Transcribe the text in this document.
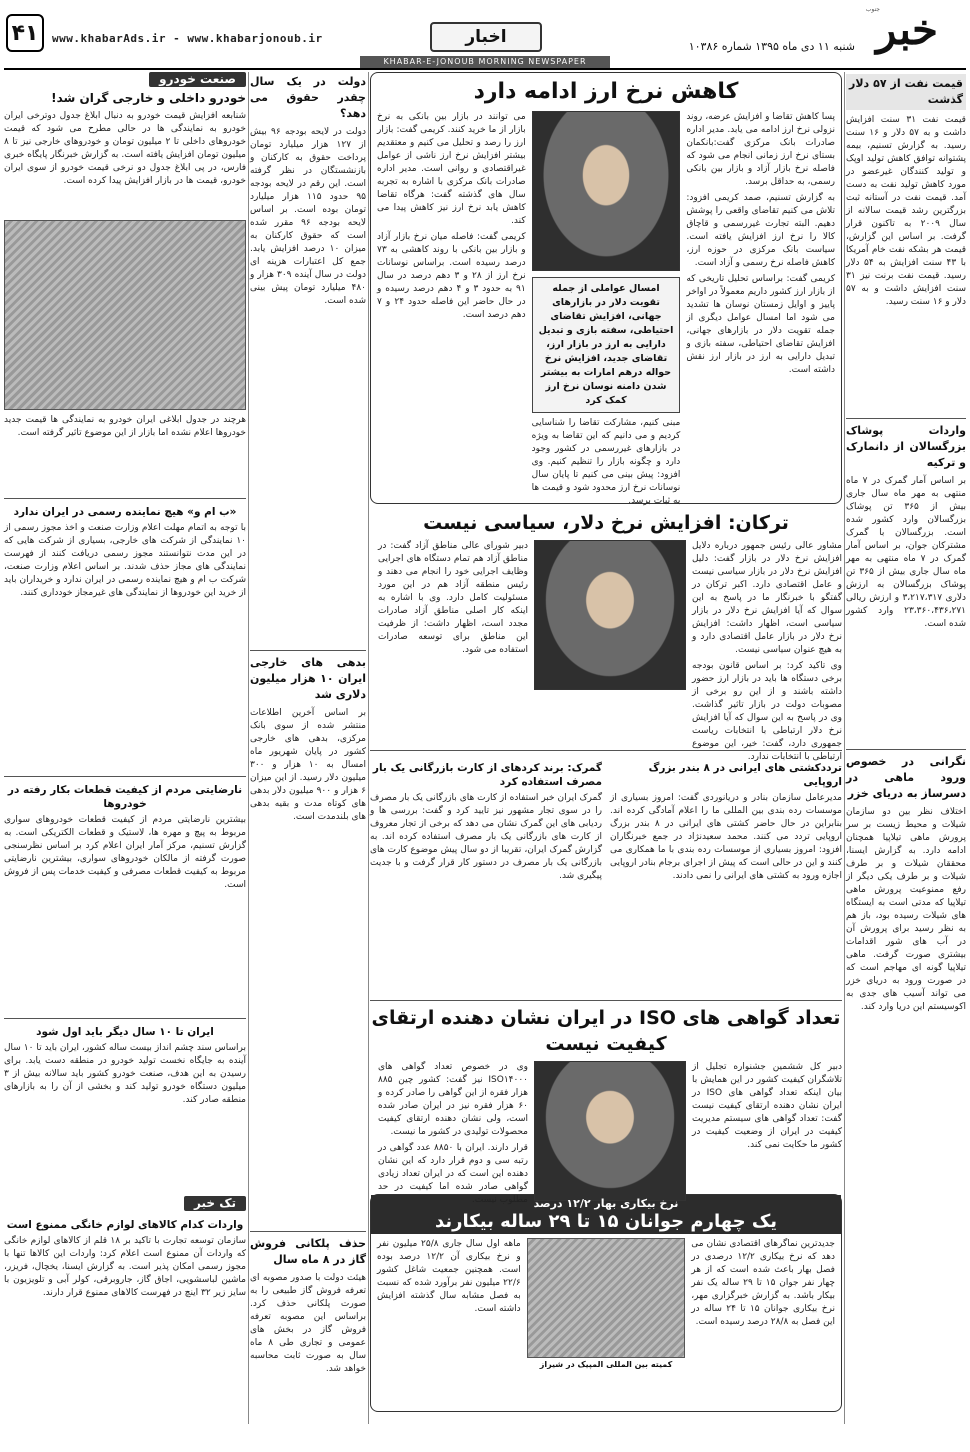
۴۱	www.khabarAds.ir - www.khabarjonoub.ir	اخبار	شنبه ۱۱ دی ماه ۱۳۹۵ شماره ۱۰۳۸۶ خبر
جنوب
KHABAR-E-JONOUB MORNING NEWSPAPER
قیمت نفت از ۵۷ دلار گذشت

قیمت نفت ۳۱ سنت افزایش داشت و به ۵۷ دلار و ۱۶ سنت رسید. به گزارش تسنیم، بیمه پشتوانه توافق کاهش تولید اوپک و تولید کنندگان غیرعضو در مورد کاهش تولید نفت به دست آمد. قیمت نفت در آستانه ثبت بزرگترین رشد قیمت سالانه از سال ۲۰۰۹ به تاکنون قرار گرفت. بر اساس این گزارش، قیمت هر بشکه نفت خام آمریکا با ۴۳ سنت افزایش به ۵۴ دلار رسید. قیمت نفت برنت نیز ۳۱ سنت افزایش داشت و به ۵۷ دلار و ۱۶ سنت رسید.

واردات پوشاک بزرگسالان از دانمارک و ترکیه

بر اساس آمار گمرک در ۷ ماه منتهی به مهر ماه سال جاری بیش از ۳۶۵ تن پوشاک بزرگسالان وارد کشور شده است. بزرگسالان با گمرک مشترکان جوان، بر اساس آمار گمرک در ۷ ماه منتهی به مهر ماه سال جاری بیش از ۳۶۵ تن پوشاک بزرگسالان به ارزش دلاری ۳،۲۱۷،۳۱۷ و ارزش ریالی ۲۳،۳۶۰،۴۳۶،۲۷۱ وارد کشور شده است.

نگرانی در خصوص ورود ماهی در دسرساز به دریای خزر

اختلاف نظر بین دو سازمان شیلات و محیط زیست بر سر پرورش ماهی تیلاپیا همچنان ادامه دارد. به گزارش ایسنا، محققان شیلات و بر طرف شیلات و بر طرف یکی دیگر از رفع ممنوعیت پرورش ماهی تیلاپیا که مدتی است به ایستگاه های شیلات رسیده بود، باز هم به نظر رسید برای پرورش آن در آب های شور اقدامات بیشتری صورت گرفت. ماهی تیلاپیا گونه ای مهاجم است که در صورت ورود به دریای خزر می تواند آسیب های جدی به اکوسیستم این دریا وارد کند.

کاهش نرخ ارز ادامه دارد

پسا کاهش تقاضا و افزایش عرضه، روند نزولی نرخ ارز ادامه می یابد. مدیر اداره صادرات بانک مرکزی گفت:بانکمان بستای نرخ ارز زمانی انجام می شود که فاصله نرخ بازار آزاد و بازار بین بانکی رسمی، به حداقل برسد.

به گزارش تسنیم، صمد کریمی افزود: تلاش می کنیم تقاضای واقعی را پوشش دهیم. البته تجارت غیررسمی و قاچاق کالا را نرخ ارز افزایش یافته است. سیاست بانک مرکزی در حوزه ارز، کاهش فاصله نرخ رسمی و آزاد است.

کریمی گفت: براساس تحلیل تاریخی که از بازار ارز کشور داریم معمولاً در اواخر پاییز و اوایل زمستان نوسان ها تشدید می شود اما امسال عوامل دیگری از جمله تقویت دلار در بازارهای جهانی، افزایش تقاضای احتیاطی، سفته بازی و تبدیل دارایی به ارز در بازار ارز نقش داشته است.

امسال عواملی از جمله تقویت دلار در بازارهای جهانی، افزایش تقاضای احتیاطی، سفته بازی و تبدیل دارایی به ارز در بازار ارز، تقاضای جدید، افزایش نرخ حواله درهم امارات به بیشتر شدن دامنه نوسان نرخ ارز کمک کرد

مبنی کنیم، مشارکت تقاضا را شناسایی کردیم و می دانیم که این تقاضا به ویژه در بازارهای غیررسمی در کشور وجود دارد و چگونه بازار را تنظیم کنیم. وی افزود: پیش بینی می کنیم تا پایان سال نوسانات نرخ ارز محدود شود و قیمت ها به ثبات برسد.

می توانند در بازار بین بانکی به نرخ بازار از ما خرید کنند. کریمی گفت: بازار ارز را رصد و تحلیل می کنیم و معتقدیم بیشتر افزایش نرخ ارز ناشی از عوامل غیراقتصادی و روانی است. مدیر اداره صادرات بانک مرکزی با اشاره به تجربه سال های گذشته گفت: هرگاه تقاضا کاهش یابد نرخ ارز نیز کاهش پیدا می کند.

کریمی گفت: فاصله میان نرخ بازار آزاد و بازار بین بانکی با روند کاهشی به ۷۳ درصد رسیده است. براساس نوسانات نرخ ارز از ۲۸ و ۳ دهم درصد در سال ۹۱ به حدود ۳ و ۴ دهم درصد رسیده و در حال حاضر این فاصله حدود ۲۴ و ۷ دهم درصد است.

ترکان: افزایش نرخ دلار، سیاسی نیست

مشاور عالی رئیس جمهور درباره دلایل افزایش نرخ دلار در بازار گفت: دلیل افزایش نرخ دلار در بازار سیاسی نیست و عامل اقتصادی دارد. اکبر ترکان در گفتگو با خبرنگار ما در پاسخ به این سوال که آیا افزایش نرخ دلار در بازار سیاسی است، اظهار داشت: افزایش نرخ دلار در بازار عامل اقتصادی دارد و به هیچ عنوان سیاسی نیست.

وی تاکید کرد: بر اساس قانون بودجه برخی دستگاه ها باید در بازار ارز حضور داشته باشند و از این رو برخی از مصوبات دولت در بازار تاثیر گذاشت. وی در پاسخ به این سوال که آیا افزایش نرخ دلار ارتباطی با انتخابات ریاست جمهوری دارد، گفت: خیر، این موضوع ارتباطی با انتخابات ندارد.

دبیر شورای عالی مناطق آزاد گفت: در مناطق آزاد هم تمام دستگاه های اجرایی وظایف اجرایی خود را انجام می دهند و رئیس منطقه آزاد هم در این مورد مسئولیت کامل دارد. وی با اشاره به اینکه کار اصلی مناطق آزاد صادرات مجدد است، اظهار داشت: از ظرفیت این مناطق برای توسعه صادرات استفاده می شود.

ترددکشتی های ایرانی در ۸ بندر بزرگ اروپایی

مدیرعامل سازمان بنادر و دریانوردی گفت: امروز بسیاری از موسسات رده بندی بین المللی ما را اعلام آمادگی کرده اند. بنابراین در حال حاضر کشتی های ایرانی در ۸ بندر بزرگ اروپایی تردد می کنند. محمد سعیدنژاد در جمع خبرنگاران افزود: امروز بسیاری از موسسات رده بندی با ما همکاری می کنند و این در حالی است که پیش از اجرای برجام بنادر اروپایی اجازه ورود به کشتی های ایرانی را نمی دادند.

گمرک: برند کردهای از کارت بازرگانی یک بار مصرف استفاده کرد

گمرک ایران خبر استفاده از کارت های بازرگانی یک بار مصرف را در سوی تجار مشهور نیز تایید کرد و گفت: بررسی ها و ردیابی های این گمرک نشان می دهد که برخی از تجار معروف از کارت های بازرگانی یک بار مصرف استفاده کرده اند. به گزارش گمرک ایران، تقریبا از دو سال پیش موضوع کارت های بازرگانی یک بار مصرف در دستور کار قرار گرفت و با جدیت پیگیری شد.

تعداد گواهی های ISO در ایران نشان دهنده ارتقای کیفیت نیست

دبیر کل ششمین جشنواره تجلیل از تلاشگران کیفیت کشور در این همایش با بیان اینکه تعداد گواهی های ISO در ایران نشان دهنده ارتقای کیفیت نیست گفت: تعداد گواهی های سیستم مدیریت کیفیت در ایران از وضعیت کیفیت در کشور ما حکایت نمی کند.

وی در خصوص تعداد گواهی های ISO۱۴۰۰۰ نیز گفت: کشور چین ۸۸۵ هزار فقره از این گواهی را صادر کرده و ۶۰ هزار فقره نیز در ایران صادر شده است، ولی نشان دهنده ارتقای کیفیت محصولات تولیدی در کشور ما نیست.

قرار دارند. ایران با ۸۸۵۰ عدد گواهی در رتبه سی و دوم قرار دارد که این نشان دهنده این است که در ایران تعداد زیادی گواهی صادر شده اما کیفیت در حد مطلوب نیست. نرخ بیکاری بهار ۱۲/۲ درصد
یک چهارم جوانان ۱۵ تا ۲۹ ساله بیکارند

جدیدترین نماگرهای اقتصادی نشان می دهد که نرخ بیکاری ۱۲/۲ درصدی در فصل بهار باعث شده است که از هر چهار نفر جوان ۱۵ تا ۲۹ ساله یک نفر بیکار باشد. به گزارش خبرگزاری مهر، نرخ بیکاری جوانان ۱۵ تا ۲۴ ساله در این فصل به ۲۸/۸ درصد رسیده است.

کمیته بین المللی المپیک در شیراز

ماهه اول سال جاری ۲۵/۸ میلیون نفر و نرخ بیکاری آن ۱۲/۲ درصد بوده است. همچنین جمعیت شاغل کشور ۲۲/۶ میلیون نفر برآورد شده که نسبت به فصل مشابه سال گذشته افزایش داشته است.

دولت در یک سال چقدر حقوق می دهد؟

دولت در لایحه بودجه ۹۶ بیش از ۱۲۷ هزار میلیارد تومان پرداخت حقوق به کارکنان و بازنشستگان در نظر گرفته است. این رقم در لایحه بودجه ۹۵ حدود ۱۱۵ هزار میلیارد تومان بوده است. بر اساس لایحه بودجه ۹۶ مقرر شده است که حقوق کارکنان به میزان ۱۰ درصد افزایش یابد. جمع کل اعتبارات هزینه ای دولت در سال آینده ۳۰۹ هزار و ۴۸۰ میلیارد تومان پیش بینی شده است.

بدهی های خارجی ایران ۱۰ هزار میلیون دلاری شد

بر اساس آخرین اطلاعات منتشر شده از سوی بانک مرکزی، بدهی های خارجی کشور در پایان شهریور ماه امسال به ۱۰ هزار و ۳۰۰ میلیون دلار رسید. از این میزان ۶ هزار و ۹۰۰ میلیون دلار بدهی های کوتاه مدت و بقیه بدهی های بلندمدت است.

حذف پلکانی فروش گاز در ۸ ماه سال

هیئت دولت با صدور مصوبه ای تعرفه فروش گاز طبیعی را به صورت پلکانی حذف کرد. براساس این مصوبه تعرفه فروش گاز در بخش های عمومی و تجاری طی ۸ ماه سال به صورت ثابت محاسبه خواهد شد.

صنعت خودرو
خودرو داخلی و خارجی گران شد!

شنابعه افزایش قیمت خودرو به دنبال ابلاغ جدول دوترخی ایران خودرو به نمایندگی ها در حالی مطرح می شود که قیمت خودروهای داخلی تا ۲ میلیون تومان و خودروهای خارجی نیز تا ۸ میلیون تومان افزایش یافته است. به گزارش خبرنگار پایگاه خبری فارس، در پی ابلاغ جدول دو نرخی قیمت خودرو از سوی ایران خودرو، قیمت ها در بازار افزایش پیدا کرده است.

هرچند در جدول ابلاغی ایران خودرو به نمایندگی ها قیمت جدید خودروها اعلام نشده اما بازار از این موضوع تاثیر گرفته است.

«ب ام و» هیچ نماینده رسمی در ایران ندارد

با توجه به اتمام مهلت اعلام وزارت صنعت و اخذ مجوز رسمی از ۱۰ نمایندگی از شرکت های خارجی، بسیاری از شرکت هایی که در این مدت نتوانستند مجوز رسمی دریافت کنند از فهرست نمایندگی های مجاز حذف شدند. بر اساس اعلام وزارت صنعت، شرکت ب ام و هیچ نماینده رسمی در ایران ندارد و خریداران باید از خرید این خودروها از نمایندگی های غیرمجاز خودداری کنند.

نارضایتی مردم از کیفیت قطعات بکار رفته در خودروها

بیشترین نارضایتی مردم از کیفیت قطعات خودروهای سواری مربوط به پیچ و مهره ها، لاستیک و قطعات الکتریکی است. به گزارش تسنیم، مرکز آمار ایران اعلام کرد بر اساس نظرسنجی صورت گرفته از مالکان خودروهای سواری، بیشترین نارضایتی مربوط به کیفیت قطعات مصرفی و کیفیت خدمات پس از فروش است.

ایران تا ۱۰ سال دیگر باید اول شود

براساس سند چشم انداز بیست ساله کشور، ایران باید تا ۱۰ سال آینده به جایگاه نخست تولید خودرو در منطقه دست یابد. برای رسیدن به این هدف، صنعت خودرو کشور باید سالانه بیش از ۳ میلیون دستگاه خودرو تولید کند و بخشی از آن را به بازارهای منطقه صادر کند.

تک خبر
واردات کدام کالاهای لوازم خانگی ممنوع است

سازمان توسعه تجارت با تاکید بر ۱۸ قلم از کالاهای لوازم خانگی که واردات آن ممنوع است اعلام کرد: واردات این کالاها تنها با مجوز رسمی امکان پذیر است. به گزارش ایسنا، یخچال، فریزر، ماشین لباسشویی، اجاق گاز، جاروبرقی، کولر آبی و تلویزیون با سایز زیر ۳۲ اینچ در فهرست کالاهای ممنوع قرار دارند.
